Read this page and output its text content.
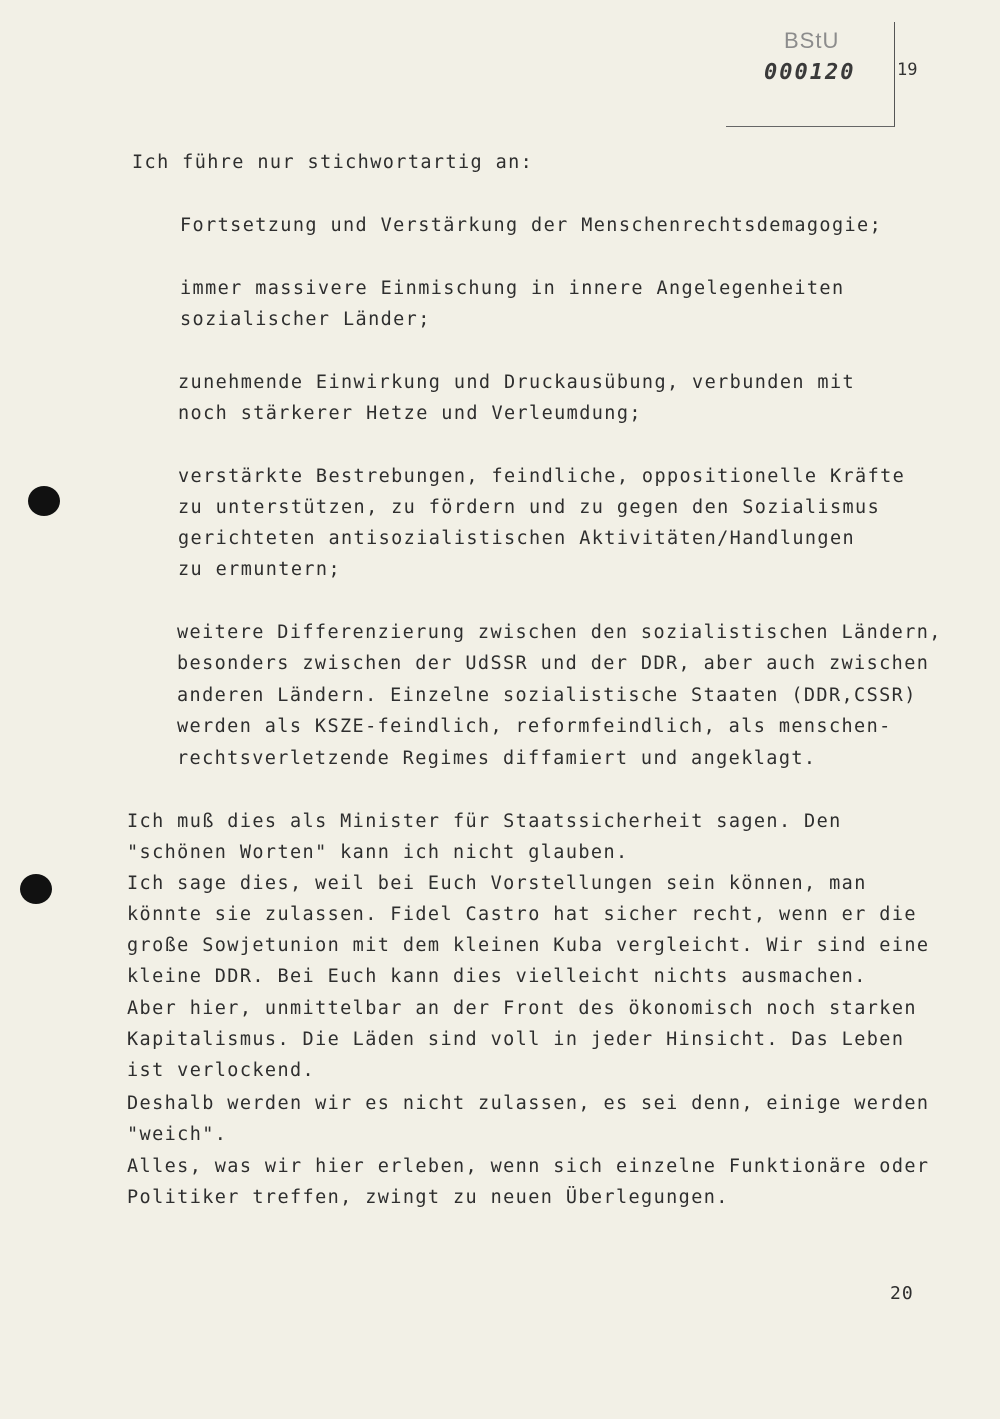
BStU
000120 19
Ich führe nur stichwortartig an:
Fortsetzung und Verstärkung der Menschenrechtsdemagogie;
immer massivere Einmischung in innere Angelegenheiten
sozialischer Länder;
zunehmende Einwirkung und Druckausübung, verbunden mit
noch stärkerer Hetze und Verleumdung;
verstärkte Bestrebungen, feindliche, oppositionelle Kräfte
zu unterstützen, zu fördern und zu gegen den Sozialismus
gerichteten antisozialistischen Aktivitäten/Handlungen
zu ermuntern;
weitere Differenzierung zwischen den sozialistischen Ländern,
besonders zwischen der UdSSR und der DDR, aber auch zwischen
anderen Ländern. Einzelne sozialistische Staaten (DDR,CSSR)
werden als KSZE-feindlich, reformfeindlich, als menschen-
rechtsverletzende Regimes diffamiert und angeklagt.
Ich muß dies als Minister für Staatssicherheit sagen. Den
"schönen Worten" kann ich nicht glauben.
Ich sage dies, weil bei Euch Vorstellungen sein können, man
könnte sie zulassen. Fidel Castro hat sicher recht, wenn er die
große Sowjetunion mit dem kleinen Kuba vergleicht. Wir sind eine
kleine DDR. Bei Euch kann dies vielleicht nichts ausmachen.
Aber hier, unmittelbar an der Front des ökonomisch noch starken
Kapitalismus. Die Läden sind voll in jeder Hinsicht. Das Leben
ist verlockend.
Deshalb werden wir es nicht zulassen, es sei denn, einige werden
"weich".
Alles, was wir hier erleben, wenn sich einzelne Funktionäre oder
Politiker treffen, zwingt zu neuen Überlegungen.
20
